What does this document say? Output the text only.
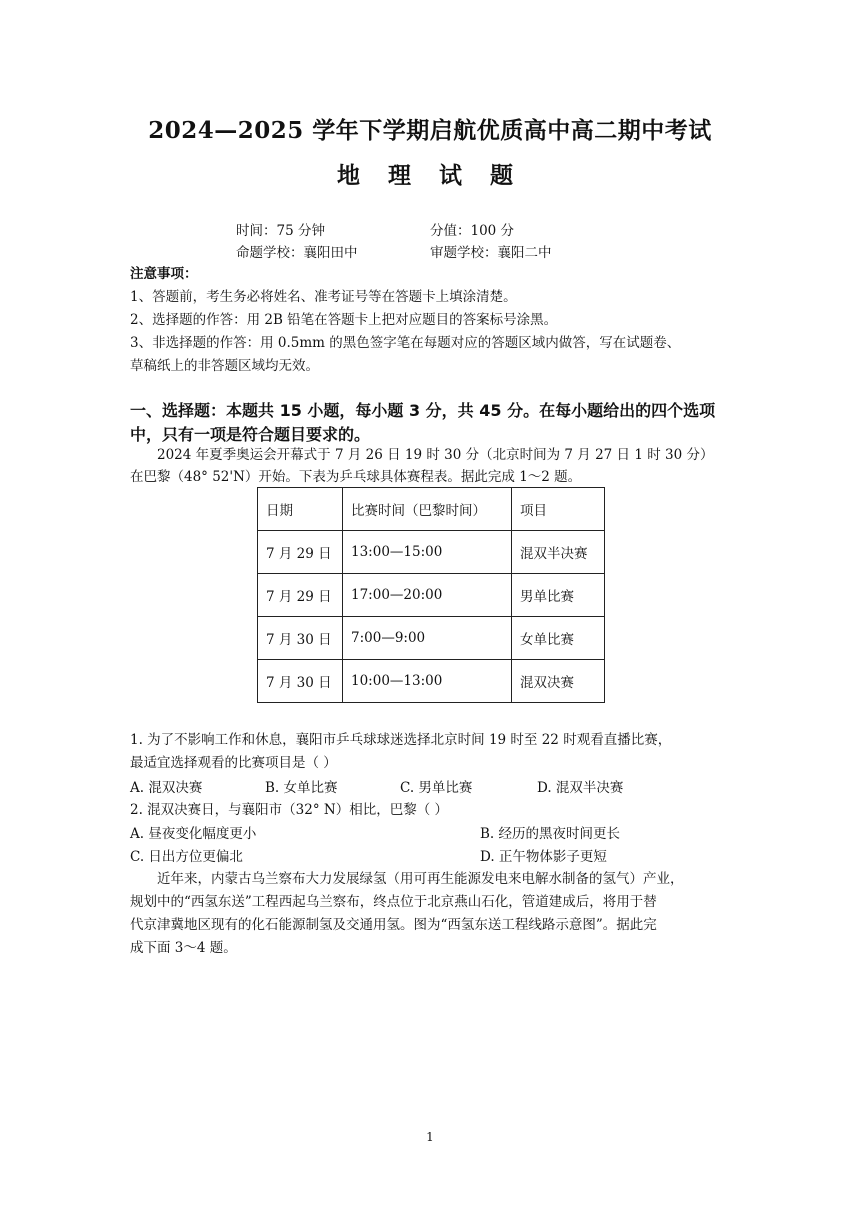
2024—2025 学年下学期启航优质高中高二期中考试
地 理 试 题
时间：75 分钟	分值：100 分
命题学校：襄阳田中	审题学校：襄阳二中
注意事项：
1、答题前，考生务必将姓名、准考证号等在答题卡上填涂清楚。
2、选择题的作答：用 2B 铅笔在答题卡上把对应题目的答案标号涂黑。
3、非选择题的作答：用 0.5mm 的黑色签字笔在每题对应的答题区域内做答，写在试题卷、
草稿纸上的非答题区域均无效。
一、选择题：本题共 15 小题，每小题 3 分，共 45 分。在每小题给出的四个选项
中，只有一项是符合题目要求的。
2024 年夏季奥运会开幕式于 7 月 26 日 19 时 30 分（北京时间为 7 月 27 日 1 时 30 分）
在巴黎（48° 52'N）开始。下表为乒乓球具体赛程表。据此完成 1～2 题。
日期	比赛时间（巴黎时间）	项目
7 月 29 日	13:00—15:00	混双半决赛
7 月 29 日	17:00—20:00	男单比赛
7 月 30 日	7:00—9:00	女单比赛
7 月 30 日	10:00—13:00	混双决赛
1. 为了不影响工作和休息，襄阳市乒乓球球迷选择北京时间 19 时至 22 时观看直播比赛，
最适宜选择观看的比赛项目是（ ）
A. 混双决赛	B. 女单比赛	C. 男单比赛	D. 混双半决赛
2. 混双决赛日，与襄阳市（32° N）相比，巴黎（ ）
A. 昼夜变化幅度更小	B. 经历的黑夜时间更长
C. 日出方位更偏北	D. 正午物体影子更短
近年来，内蒙古乌兰察布大力发展绿氢（用可再生能源发电来电解水制备的氢气）产业，
规划中的“西氢东送”工程西起乌兰察布，终点位于北京燕山石化，管道建成后，将用于替
代京津冀地区现有的化石能源制氢及交通用氢。图为“西氢东送工程线路示意图”。据此完
成下面 3～4 题。
1
